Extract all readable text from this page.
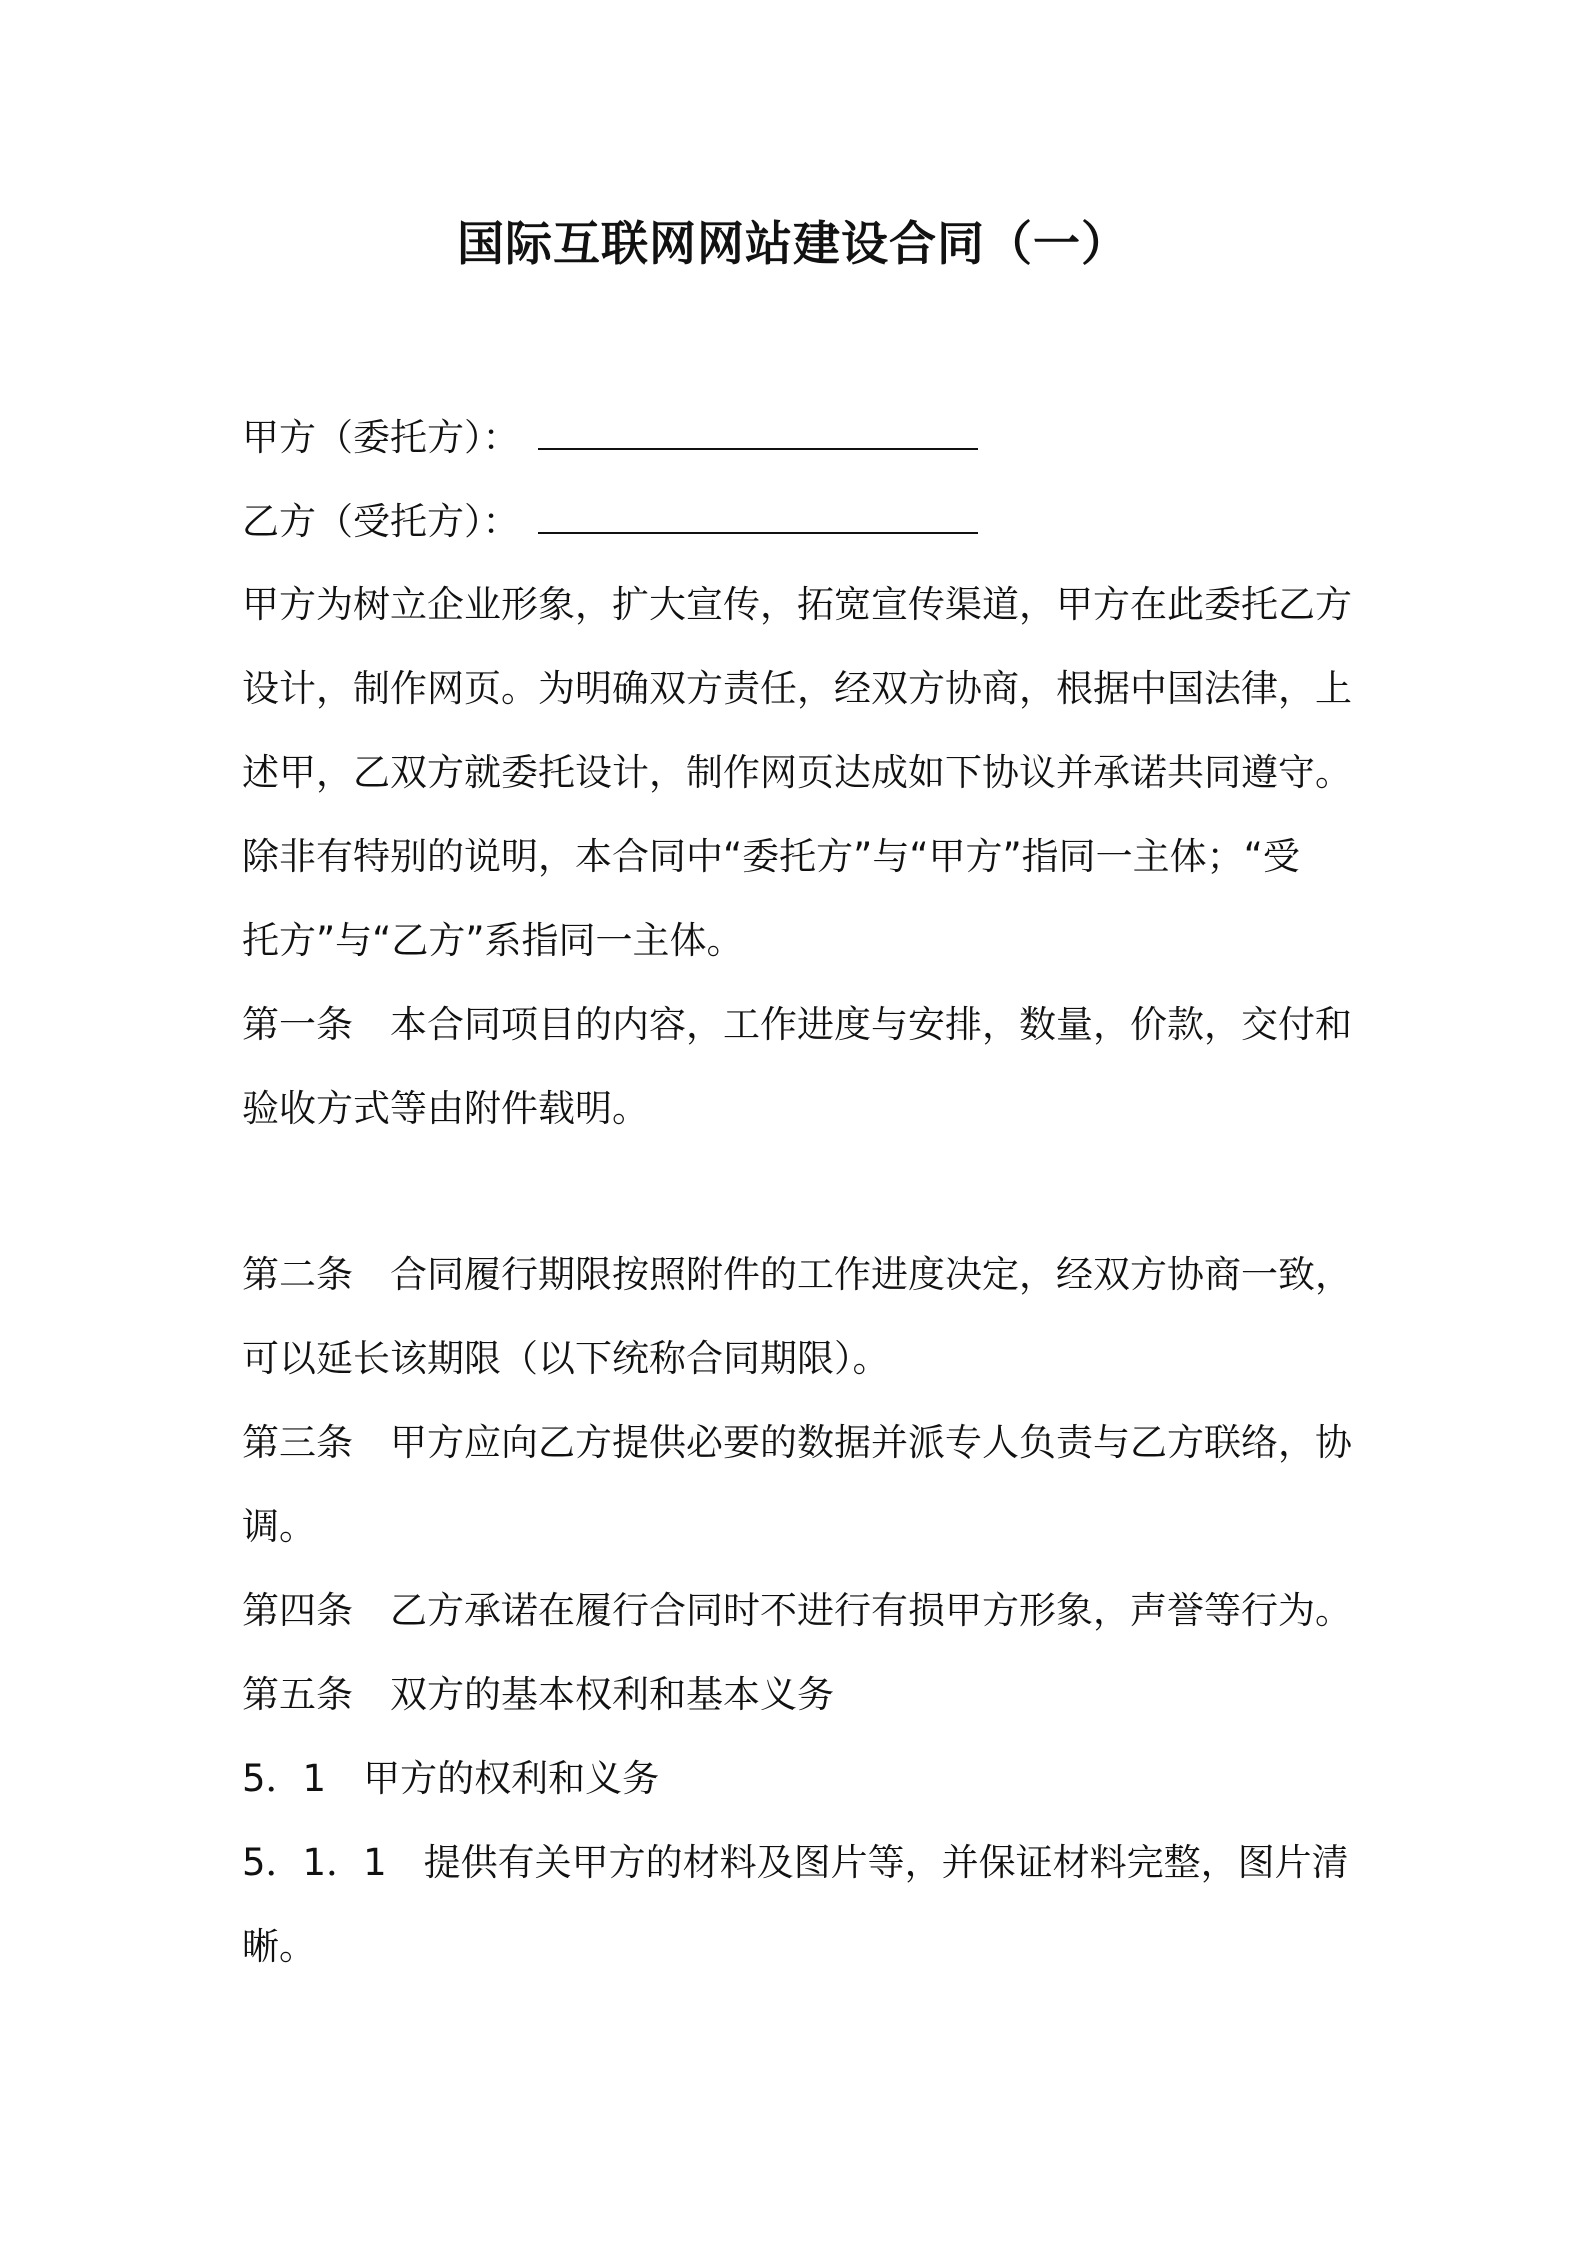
国际互联网网站建设合同（一）
甲方（委托方）：
乙方（受托方）：
甲方为树立企业形象，扩大宣传，拓宽宣传渠道，甲方在此委托乙方
设计，制作网页。为明确双方责任，经双方协商，根据中国法律，上
述甲，乙双方就委托设计，制作网页达成如下协议并承诺共同遵守。
除非有特别的说明，本合同中“委托方”与“甲方”指同一主体；“受
托方”与“乙方”系指同一主体。
第一条　本合同项目的内容，工作进度与安排，数量，价款，交付和
验收方式等由附件载明。
第二条　合同履行期限按照附件的工作进度决定，经双方协商一致，
可以延长该期限（以下统称合同期限）。
第三条　甲方应向乙方提供必要的数据并派专人负责与乙方联络，协
调。
第四条　乙方承诺在履行合同时不进行有损甲方形象，声誉等行为。
第五条　双方的基本权利和基本义务
5．1　甲方的权利和义务
5．1．1　提供有关甲方的材料及图片等，并保证材料完整，图片清
晰。
